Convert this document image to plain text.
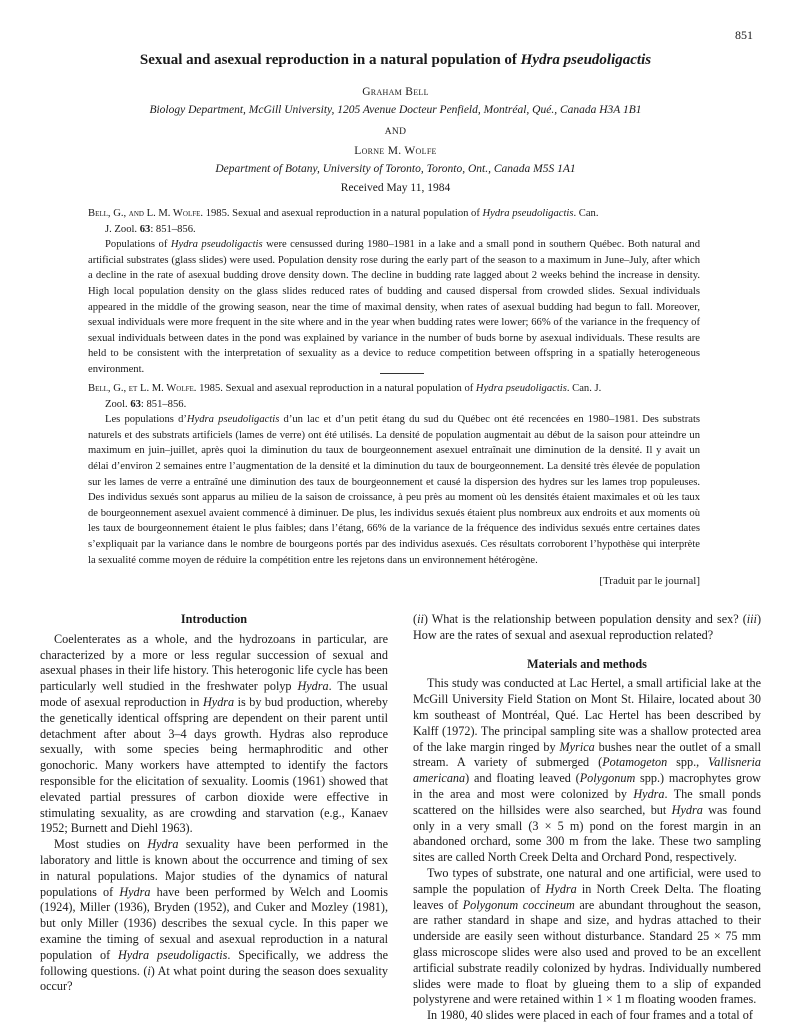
851
Sexual and asexual reproduction in a natural population of Hydra pseudoligactis

Graham Bell

Biology Department, McGill University, 1205 Avenue Docteur Penfield, Montréal, Qué., Canada H3A 1B1

AND

Lorne M. Wolfe

Department of Botany, University of Toronto, Toronto, Ont., Canada M5S 1A1

Received May 11, 1984

Bell, G., and L. M. Wolfe. 1985. Sexual and asexual reproduction in a natural population of Hydra pseudoligactis. Can.
J. Zool. 63: 851–856.

Populations of Hydra pseudoligactis were censussed during 1980–1981 in a lake and a small pond in southern Québec. Both natural and artificial substrates (glass slides) were used. Population density rose during the early part of the season to a maximum in June–July, after which a decline in the rate of asexual budding drove density down. The decline in budding rate lagged about 2 weeks behind the increase in density. High local population density on the glass slides reduced rates of budding and caused dispersal from crowded slides. Sexual individuals appeared in the middle of the growing season, near the time of maximal density, when rates of asexual budding had begun to fall. Moreover, sexual individuals were more frequent in the site where and in the year when budding rates were lower; 66% of the variance in the frequency of sexual individuals between dates in the pond was explained by variance in the number of buds borne by asexual individuals. These results are held to be consistent with the interpretation of sexuality as a device to reduce competition between offspring in a spatially heterogeneous environment.

Bell, G., et L. M. Wolfe. 1985. Sexual and asexual reproduction in a natural population of Hydra pseudoligactis. Can. J.
Zool. 63: 851–856.

Les populations d’Hydra pseudoligactis d’un lac et d’un petit étang du sud du Québec ont été recencées en 1980–1981. Des substrats naturels et des substrats artificiels (lames de verre) ont été utilisés. La densité de population augmentait au début de la saison pour atteindre un maximum en juin–juillet, après quoi la diminution du taux de bourgeonnement asexuel entraînait une diminution de la densité. Il y avait un délai d’environ 2 semaines entre l’augmentation de la densité et la diminution du taux de bourgeonnement. La densité très élevée de population sur les lames de verre a entraîné une diminution des taux de bourgeonnement et causé la dispersion des hydres sur les lames trop populeuses. Des individus sexués sont apparus au milieu de la saison de croissance, à peu près au moment où les densités étaient maximales et où les taux de bourgeonnement asexuel avaient commencé à diminuer. De plus, les individus sexués étaient plus nombreux aux endroits et aux moments où les taux de bourgeonnement étaient le plus faibles; dans l’étang, 66% de la variance de la fréquence des individus sexués entre certaines dates s’expliquait par la variance dans le nombre de bourgeons portés par des individus asexués. Ces résultats corroborent l’hypothèse qui interprète la sexualité comme moyen de réduire la compétition entre les rejetons dans un environnement hétérogène.

[Traduit par le journal]
Introduction

Coelenterates as a whole, and the hydrozoans in particular, are characterized by a more or less regular succession of sexual and asexual phases in their life history. This heterogonic life cycle has been particularly well studied in the freshwater polyp Hydra. The usual mode of asexual reproduction in Hydra is by bud production, whereby the genetically identical offspring are dependent on their parent until detachment after about 3–4 days growth. Hydras also reproduce sexually, with some species being hermaphroditic and other gonochoric. Many workers have attempted to identify the factors responsible for the elicitation of sexuality. Loomis (1961) showed that elevated partial pressures of carbon dioxide were effective in stimulating sexuality, as are crowding and starvation (e.g., Kanaev 1952; Burnett and Diehl 1963).

Most studies on Hydra sexuality have been performed in the laboratory and little is known about the occurrence and timing of sex in natural populations. Major studies of the dynamics of natural populations of Hydra have been performed by Welch and Loomis (1924), Miller (1936), Bryden (1952), and Cuker and Mozley (1981), but only Miller (1936) describes the sexual cycle. In this paper we examine the timing of sexual and asexual reproduction in a natural population of Hydra pseudoligactis. Specifically, we address the following questions. (i) At what point during the season does sexuality occur?

(ii) What is the relationship between population density and sex? (iii) How are the rates of sexual and asexual reproduction related?

Materials and methods

This study was conducted at Lac Hertel, a small artificial lake at the McGill University Field Station on Mont St. Hilaire, located about 30 km southeast of Montréal, Qué. Lac Hertel has been described by Kalff (1972). The principal sampling site was a shallow protected area of the lake margin ringed by Myrica bushes near the outlet of a small stream. A variety of submerged (Potamogeton spp., Vallisneria americana) and floating leaved (Polygonum spp.) macrophytes grow in the area and most were colonized by Hydra. The small ponds scattered on the hillsides were also searched, but Hydra was found only in a very small (3 × 5 m) pond on the forest margin in an abandoned orchard, some 300 m from the lake. These two sampling sites are called North Creek Delta and Orchard Pond, respectively.

Two types of substrate, one natural and one artificial, were used to sample the population of Hydra in North Creek Delta. The floating leaves of Polygonum coccineum are abundant throughout the season, are rather standard in shape and size, and hydras attached to their underside are easily seen without disturbance. Standard 25 × 75 mm glass microscope slides were also used and proved to be an excellent artificial substrate readily colonized by hydras. Individually numbered slides were made to float by glueing them to a slip of expanded polystyrene and were retained within 1 × 1 m floating wooden frames.

In 1980, 40 slides were placed in each of four frames and a total of
